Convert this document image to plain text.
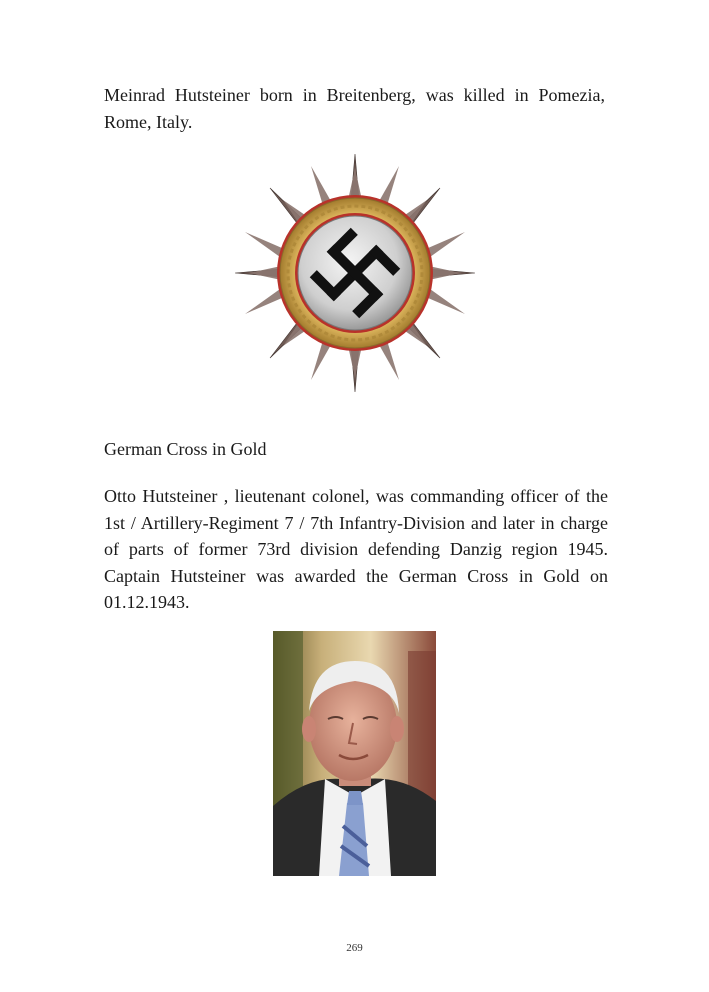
Meinrad Hutsteiner born in Breitenberg, was killed in Pomezia, Rome, Italy.

German Cross in Gold

Otto Hutsteiner , lieutenant colonel, was commanding officer of the 1st / Artillery-Regiment 7 / 7th Infantry-Division and later in charge of parts of former 73rd division defending Danzig region 1945. Captain Hutsteiner was awarded the German Cross in Gold on 01.12.1943.

269
